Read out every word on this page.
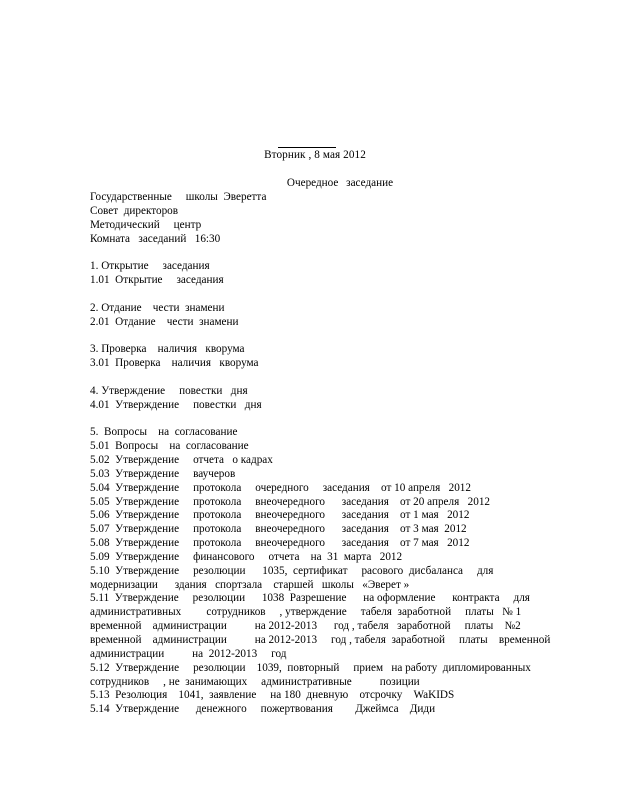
Вторник , 8 мая 2012
Очередное заседание
Государственные     школы  Эверетта
Совет  директоров
Методический     центр
Комната   заседаний   16:30
1. Открытие     заседания
1.01  Открытие     заседания
2. Отдание    чести  знамени
2.01  Отдание    чести  знамени
3. Проверка    наличия   кворума
3.01  Проверка    наличия   кворума
4. Утверждение     повестки   дня
4.01  Утверждение     повестки   дня
5.  Вопросы    на  согласование
5.01  Вопросы    на  согласование
5.02  Утверждение     отчета   о кадрах
5.03  Утверждение     ваучеров
5.04  Утверждение     протокола     очередного     заседания    от 10 апреля   2012
5.05  Утверждение     протокола     внеочередного      заседания    от 20 апреля   2012
5.06  Утверждение     протокола     внеочередного      заседания    от 1 мая   2012
5.07  Утверждение     протокола     внеочередного      заседания    от 3 мая  2012
5.08  Утверждение     протокола     внеочередного      заседания    от 7 мая   2012
5.09  Утверждение     финансового     отчета    на  31  марта   2012
5.10  Утверждение     резолюции      1035,  сертификат     расового  дисбаланса     для
модернизации      здания   спортзала    старшей   школы   «Эверет »
5.11  Утверждение     резолюции      1038  Разрешение      на оформление      контракта     для
административных         сотрудников     , утверждение     табеля  заработной     платы   № 1
временной    администрации          на 2012-2013      год , табеля   заработной     платы    №2
временной    администрации          на 2012-2013     год , табеля  заработной     платы    временной
администрации          на  2012-2013     год
5.12  Утверждение     резолюции    1039,  повторный     прием   на работу  дипломированных
сотрудников     , не  занимающих     административные          позиции
5.13  Резолюция    1041,  заявление     на 180  дневную    отсрочку    WaKIDS
5.14  Утверждение      денежного     пожертвования        Джеймса    Диди
